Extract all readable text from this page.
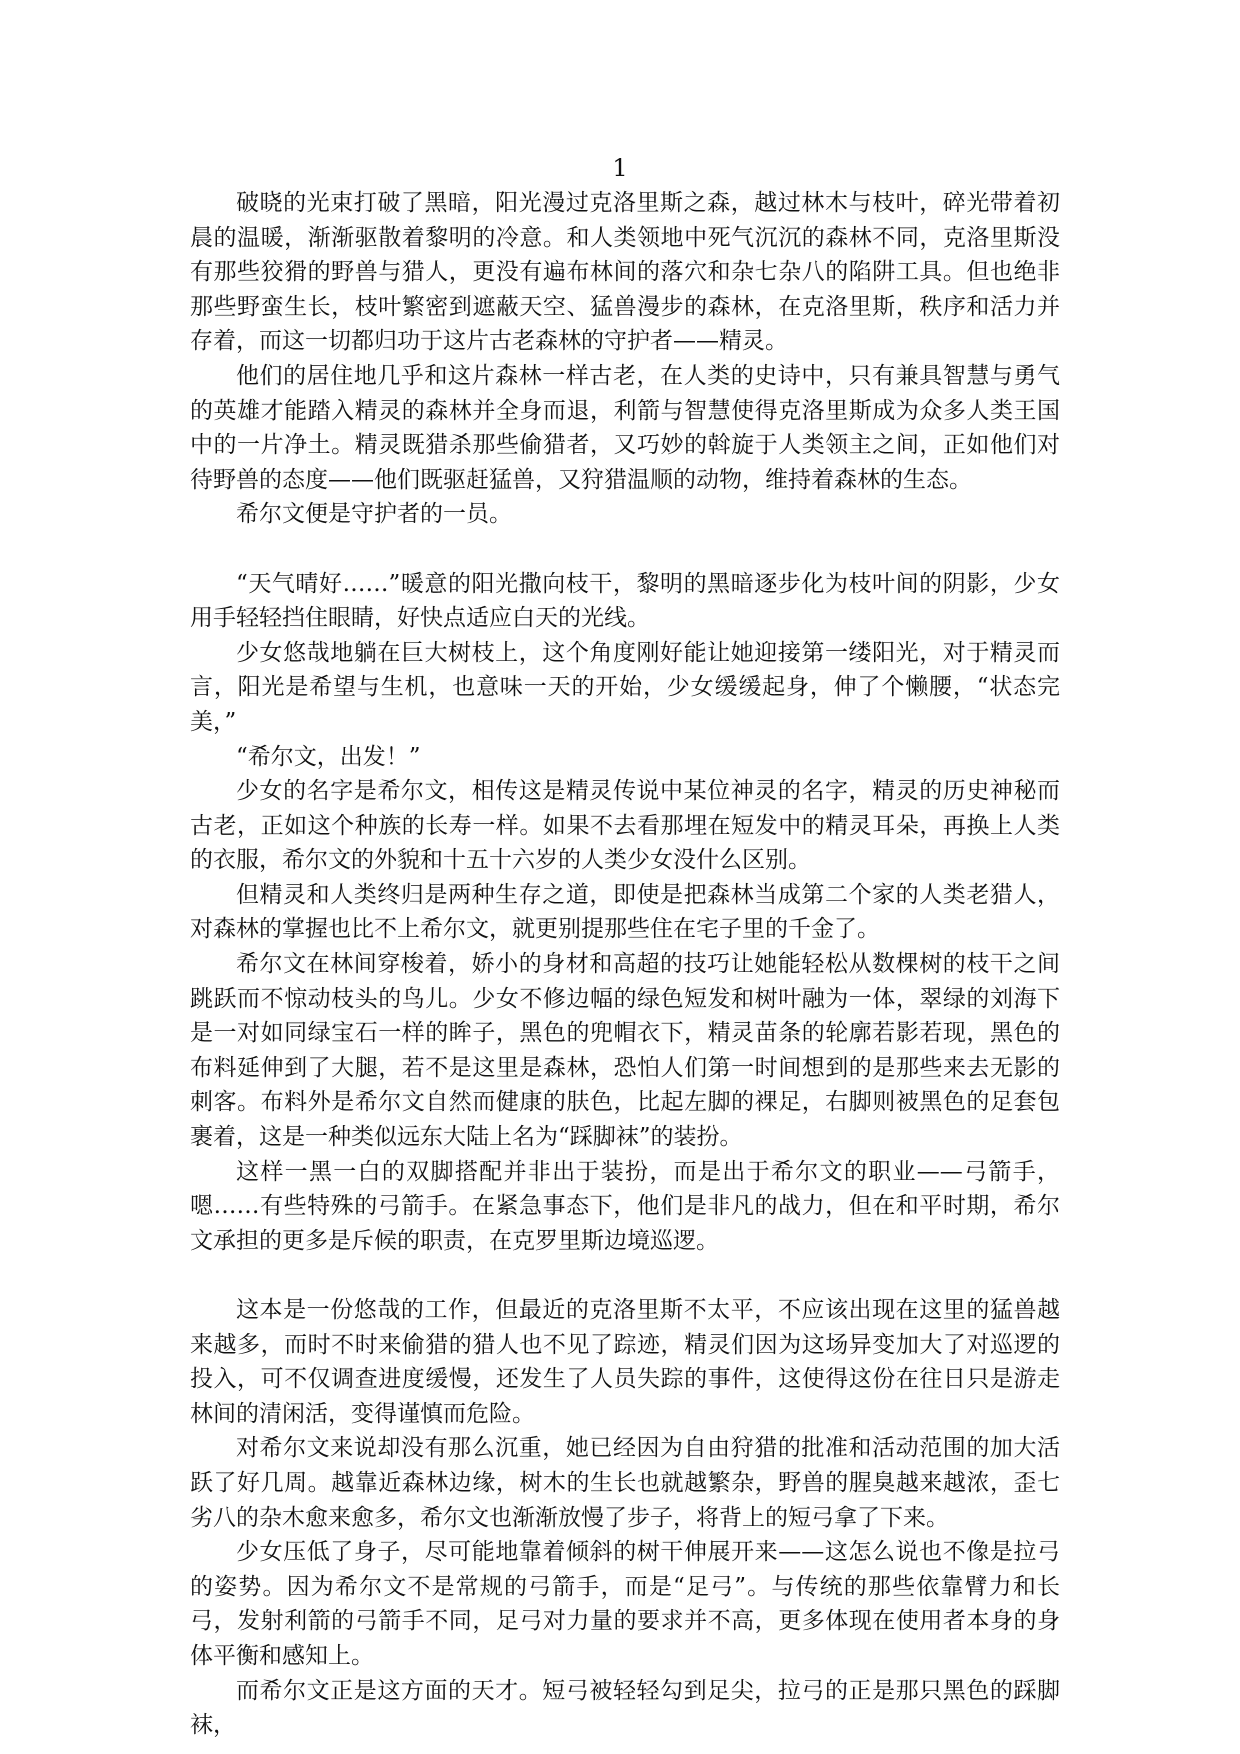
1

破晓的光束打破了黑暗，阳光漫过克洛里斯之森，越过林木与枝叶，碎光带着初晨的温暖，渐渐驱散着黎明的冷意。和人类领地中死气沉沉的森林不同，克洛里斯没有那些狡猾的野兽与猎人，更没有遍布林间的落穴和杂七杂八的陷阱工具。但也绝非那些野蛮生长，枝叶繁密到遮蔽天空、猛兽漫步的森林，在克洛里斯，秩序和活力并存着，而这一切都归功于这片古老森林的守护者——精灵。

他们的居住地几乎和这片森林一样古老，在人类的史诗中，只有兼具智慧与勇气的英雄才能踏入精灵的森林并全身而退，利箭与智慧使得克洛里斯成为众多人类王国中的一片净土。精灵既猎杀那些偷猎者，又巧妙的斡旋于人类领主之间，正如他们对待野兽的态度——他们既驱赶猛兽，又狩猎温顺的动物，维持着森林的生态。

希尔文便是守护者的一员。

“天气晴好……”暖意的阳光撒向枝干，黎明的黑暗逐步化为枝叶间的阴影，少女用手轻轻挡住眼睛，好快点适应白天的光线。

少女悠哉地躺在巨大树枝上，这个角度刚好能让她迎接第一缕阳光，对于精灵而言，阳光是希望与生机，也意味一天的开始，少女缓缓起身，伸了个懒腰，“状态完美，”

“希尔文，出发！”

少女的名字是希尔文，相传这是精灵传说中某位神灵的名字，精灵的历史神秘而古老，正如这个种族的长寿一样。如果不去看那埋在短发中的精灵耳朵，再换上人类的衣服，希尔文的外貌和十五十六岁的人类少女没什么区别。

但精灵和人类终归是两种生存之道，即使是把森林当成第二个家的人类老猎人，对森林的掌握也比不上希尔文，就更别提那些住在宅子里的千金了。

希尔文在林间穿梭着，娇小的身材和高超的技巧让她能轻松从数棵树的枝干之间跳跃而不惊动枝头的鸟儿。少女不修边幅的绿色短发和树叶融为一体，翠绿的刘海下是一对如同绿宝石一样的眸子，黑色的兜帽衣下，精灵苗条的轮廓若影若现，黑色的布料延伸到了大腿，若不是这里是森林，恐怕人们第一时间想到的是那些来去无影的刺客。布料外是希尔文自然而健康的肤色，比起左脚的裸足，右脚则被黑色的足套包裹着，这是一种类似远东大陆上名为“踩脚袜”的装扮。

这样一黑一白的双脚搭配并非出于装扮，而是出于希尔文的职业——弓箭手，嗯……有些特殊的弓箭手。在紧急事态下，他们是非凡的战力，但在和平时期，希尔文承担的更多是斥候的职责，在克罗里斯边境巡逻。

这本是一份悠哉的工作，但最近的克洛里斯不太平，不应该出现在这里的猛兽越来越多，而时不时来偷猎的猎人也不见了踪迹，精灵们因为这场异变加大了对巡逻的投入，可不仅调查进度缓慢，还发生了人员失踪的事件，这使得这份在往日只是游走林间的清闲活，变得谨慎而危险。

对希尔文来说却没有那么沉重，她已经因为自由狩猎的批准和活动范围的加大活跃了好几周。越靠近森林边缘，树木的生长也就越繁杂，野兽的腥臭越来越浓，歪七劣八的杂木愈来愈多，希尔文也渐渐放慢了步子，将背上的短弓拿了下来。

少女压低了身子，尽可能地靠着倾斜的树干伸展开来——这怎么说也不像是拉弓的姿势。因为希尔文不是常规的弓箭手，而是“足弓”。与传统的那些依靠臂力和长弓，发射利箭的弓箭手不同，足弓对力量的要求并不高，更多体现在使用者本身的身体平衡和感知上。

而希尔文正是这方面的天才。短弓被轻轻勾到足尖，拉弓的正是那只黑色的踩脚袜，
